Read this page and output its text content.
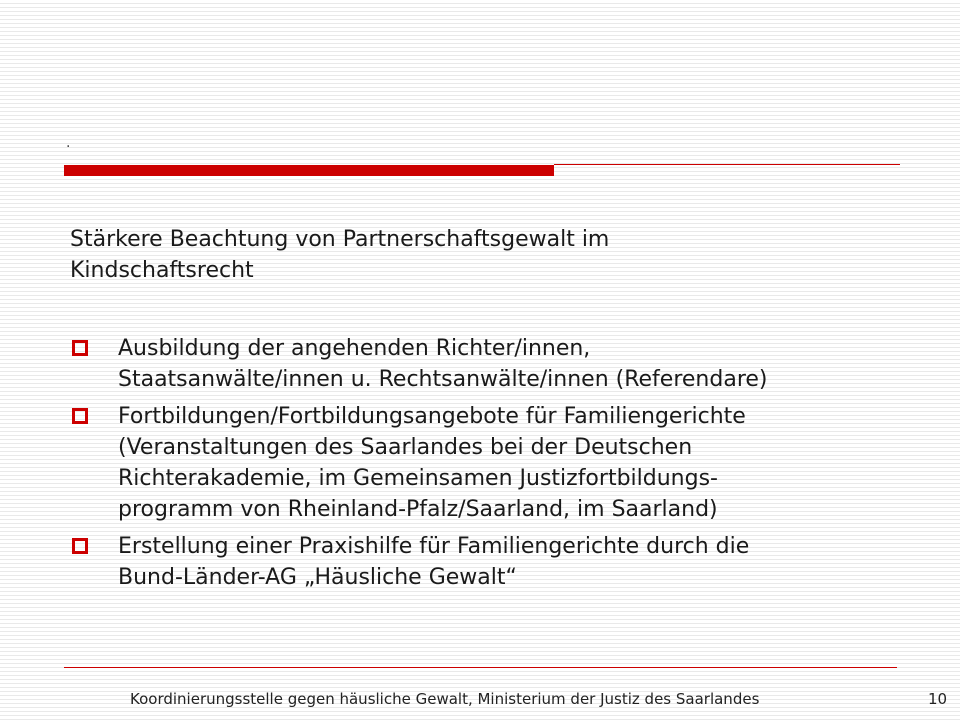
.
Stärkere Beachtung von Partnerschaftsgewalt im
Kindschaftsrecht
Ausbildung der angehenden Richter/innen,
Staatsanwälte/innen u. Rechtsanwälte/innen (Referendare)
Fortbildungen/Fortbildungsangebote für Familiengerichte
(Veranstaltungen des Saarlandes bei der Deutschen
Richterakademie, im Gemeinsamen Justizfortbildungs-
programm von Rheinland-Pfalz/Saarland, im Saarland)
Erstellung einer Praxishilfe für Familiengerichte durch die
Bund-Länder-AG „Häusliche Gewalt“
Koordinierungsstelle gegen häusliche Gewalt, Ministerium der Justiz des Saarlandes	10
